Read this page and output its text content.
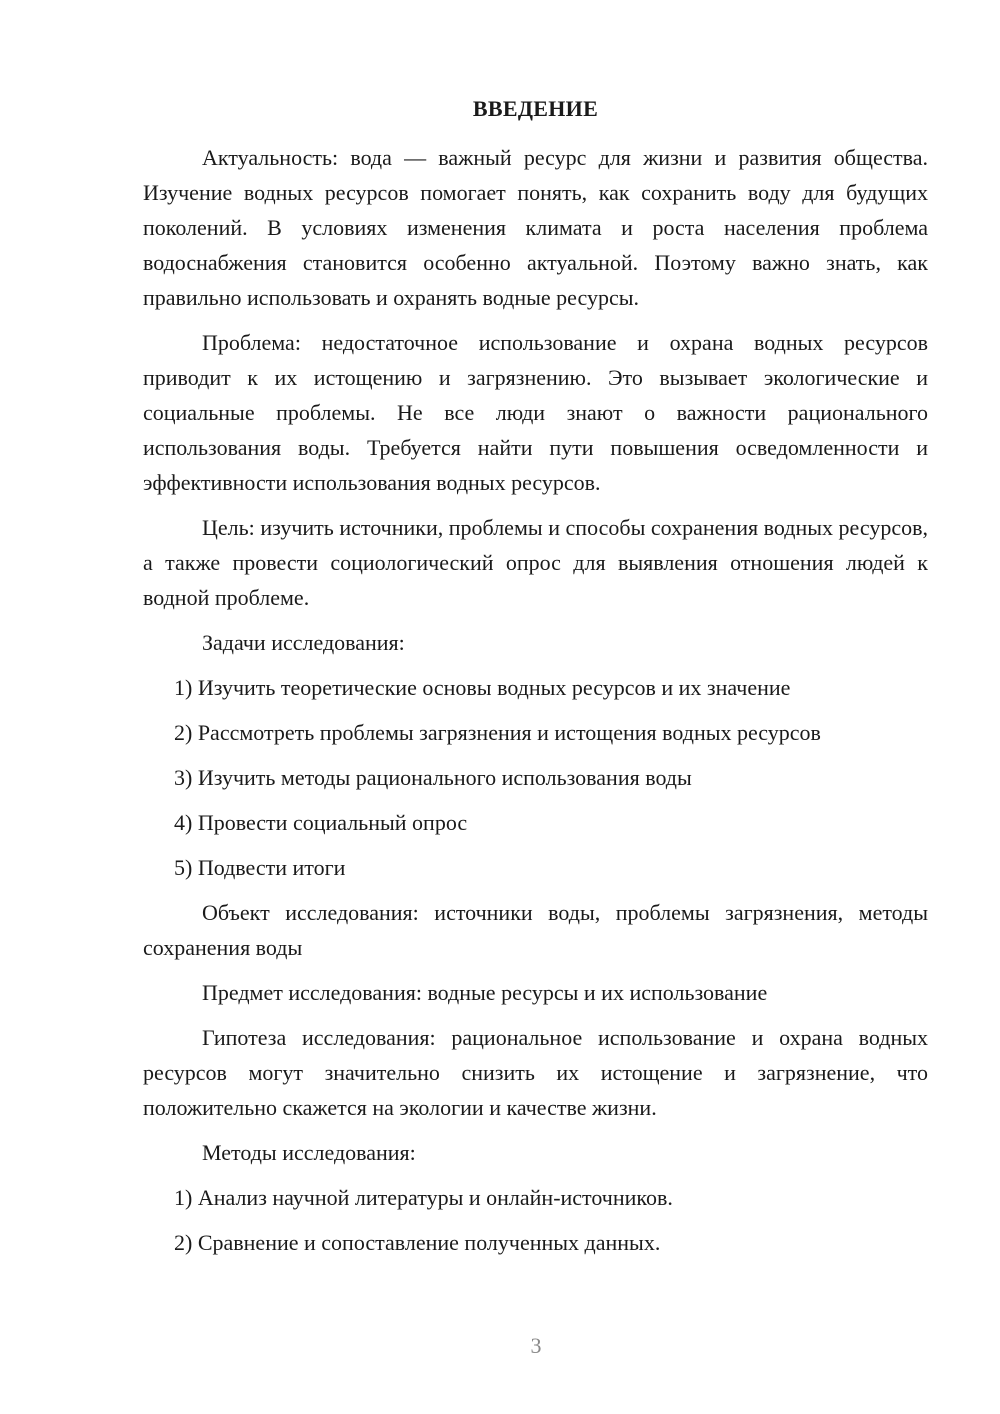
ВВЕДЕНИЕ

Актуальность: вода — важный ресурс для жизни и развития общества. Изучение водных ресурсов помогает понять, как сохранить воду для будущих поколений. В условиях изменения климата и роста населения проблема водоснабжения становится особенно актуальной. Поэтому важно знать, как правильно использовать и охранять водные ресурсы.

Проблема: недостаточное использование и охрана водных ресурсов приводит к их истощению и загрязнению. Это вызывает экологические и социальные проблемы. Не все люди знают о важности рационального использования воды. Требуется найти пути повышения осведомленности и эффективности использования водных ресурсов.

Цель: изучить источники, проблемы и способы сохранения водных ресурсов, а также провести социологический опрос для выявления отношения людей к водной проблеме.

Задачи исследования:

1) Изучить теоретические основы водных ресурсов и их значение
2) Рассмотреть проблемы загрязнения и истощения водных ресурсов
3) Изучить методы рационального использования воды
4) Провести социальный опрос
5) Подвести итоги

Объект исследования: источники воды, проблемы загрязнения, методы сохранения воды

Предмет исследования: водные ресурсы и их использование

Гипотеза исследования: рациональное использование и охрана водных ресурсов могут значительно снизить их истощение и загрязнение, что положительно скажется на экологии и качестве жизни.

Методы исследования:

1) Анализ научной литературы и онлайн-источников.
2) Сравнение и сопоставление полученных данных.
3
